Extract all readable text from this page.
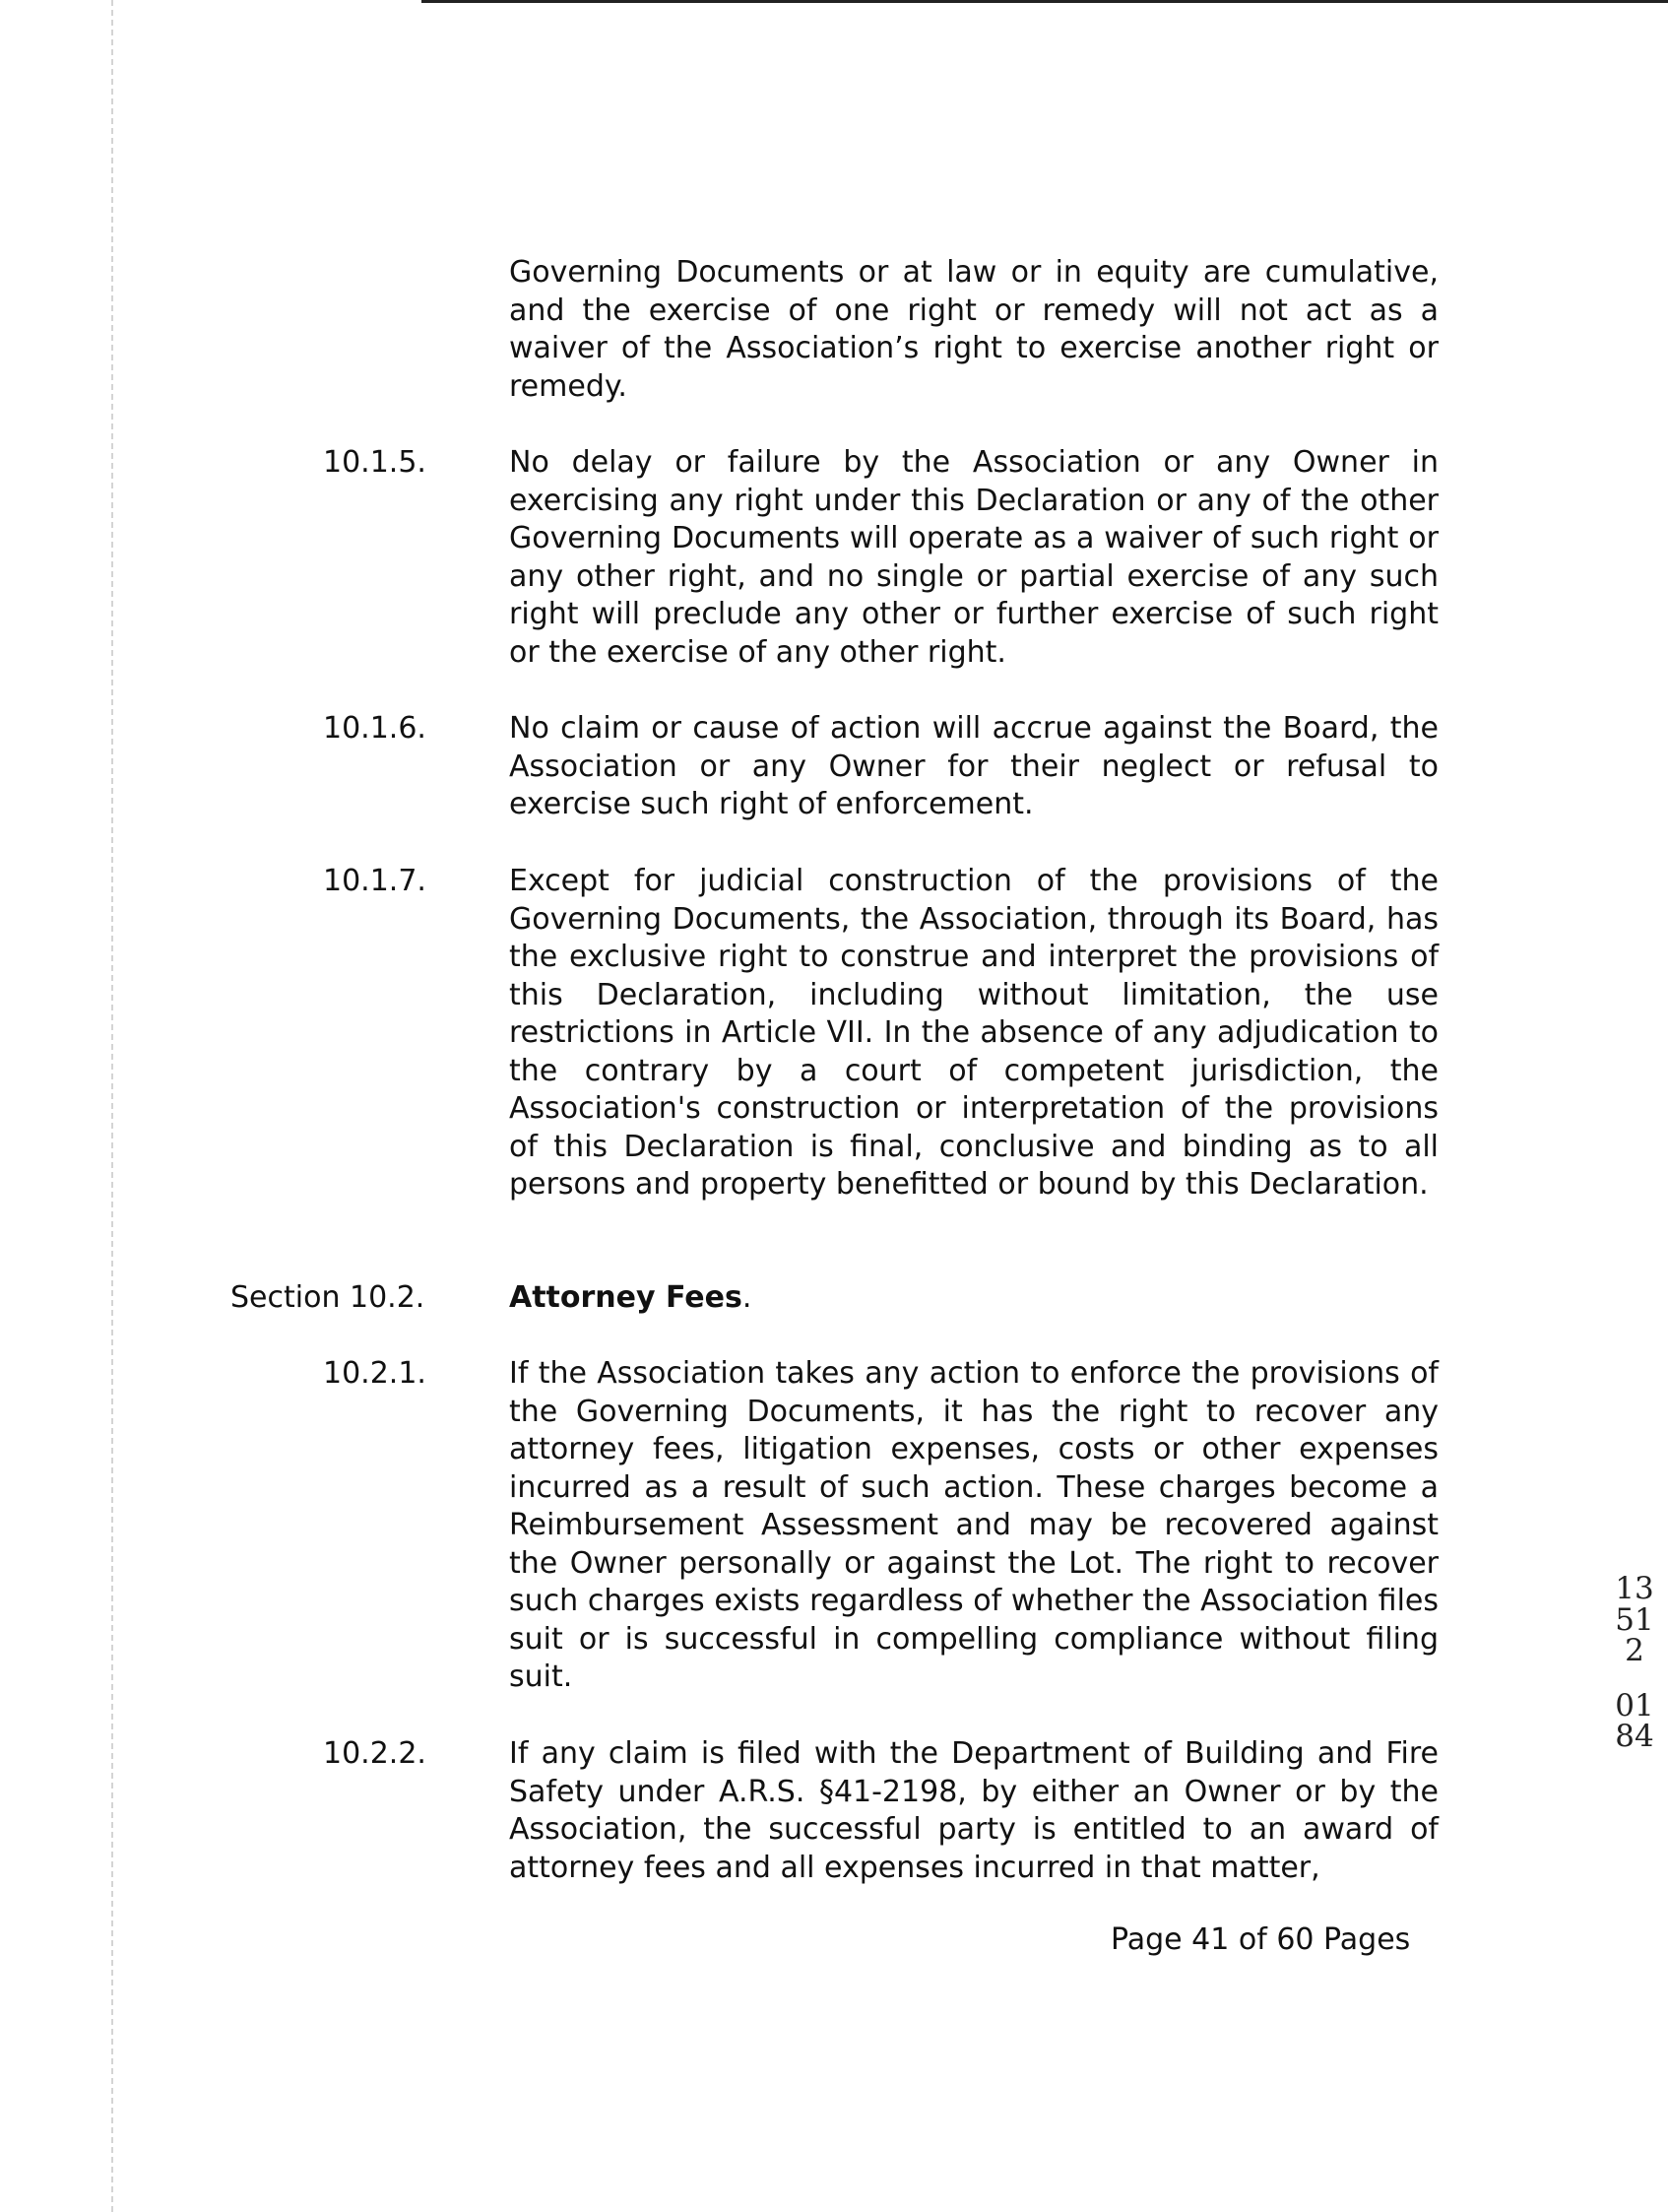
Governing Documents or at law or in equity are cumulative, and the exercise of one right or remedy will not act as a waiver of the Association’s right to exercise another right or remedy.

10.1.5.	No delay or failure by the Association or any Owner in exercising any right under this Declaration or any of the other Governing Documents will operate as a waiver of such right or any other right, and no single or partial exercise of any such right will preclude any other or further exercise of such right or the exercise of any other right.

10.1.6.	No claim or cause of action will accrue against the Board, the Association or any Owner for their neglect or refusal to exercise such right of enforcement.

10.1.7.	Except for judicial construction of the provisions of the Governing Documents, the Association, through its Board, has the exclusive right to construe and interpret the provisions of this Declaration, including without limitation, the use restrictions in Article VII. In the absence of any adjudication to the contrary by a court of competent jurisdiction, the Association's construction or interpretation of the provisions of this Declaration is final, conclusive and binding as to all persons and property benefitted or bound by this Declaration.

Section 10.2.	Attorney Fees.
10.2.1.	If the Association takes any action to enforce the provisions of the Governing Documents, it has the right to recover any attorney fees, litigation expenses, costs or other expenses incurred as a result of such action. These charges become a Reimbursement Assessment and may be recovered against the Owner personally or against the Lot. The right to recover such charges exists regardless of whether the Association files suit or is successful in compelling compliance without filing suit.

10.2.2.	If any claim is filed with the Department of Building and Fire Safety under A.R.S. §41-2198, by either an Owner or by the Association, the successful party is entitled to an award of attorney fees and all expenses incurred in that matter,

Page 41 of 60 Pages
13512
0184
